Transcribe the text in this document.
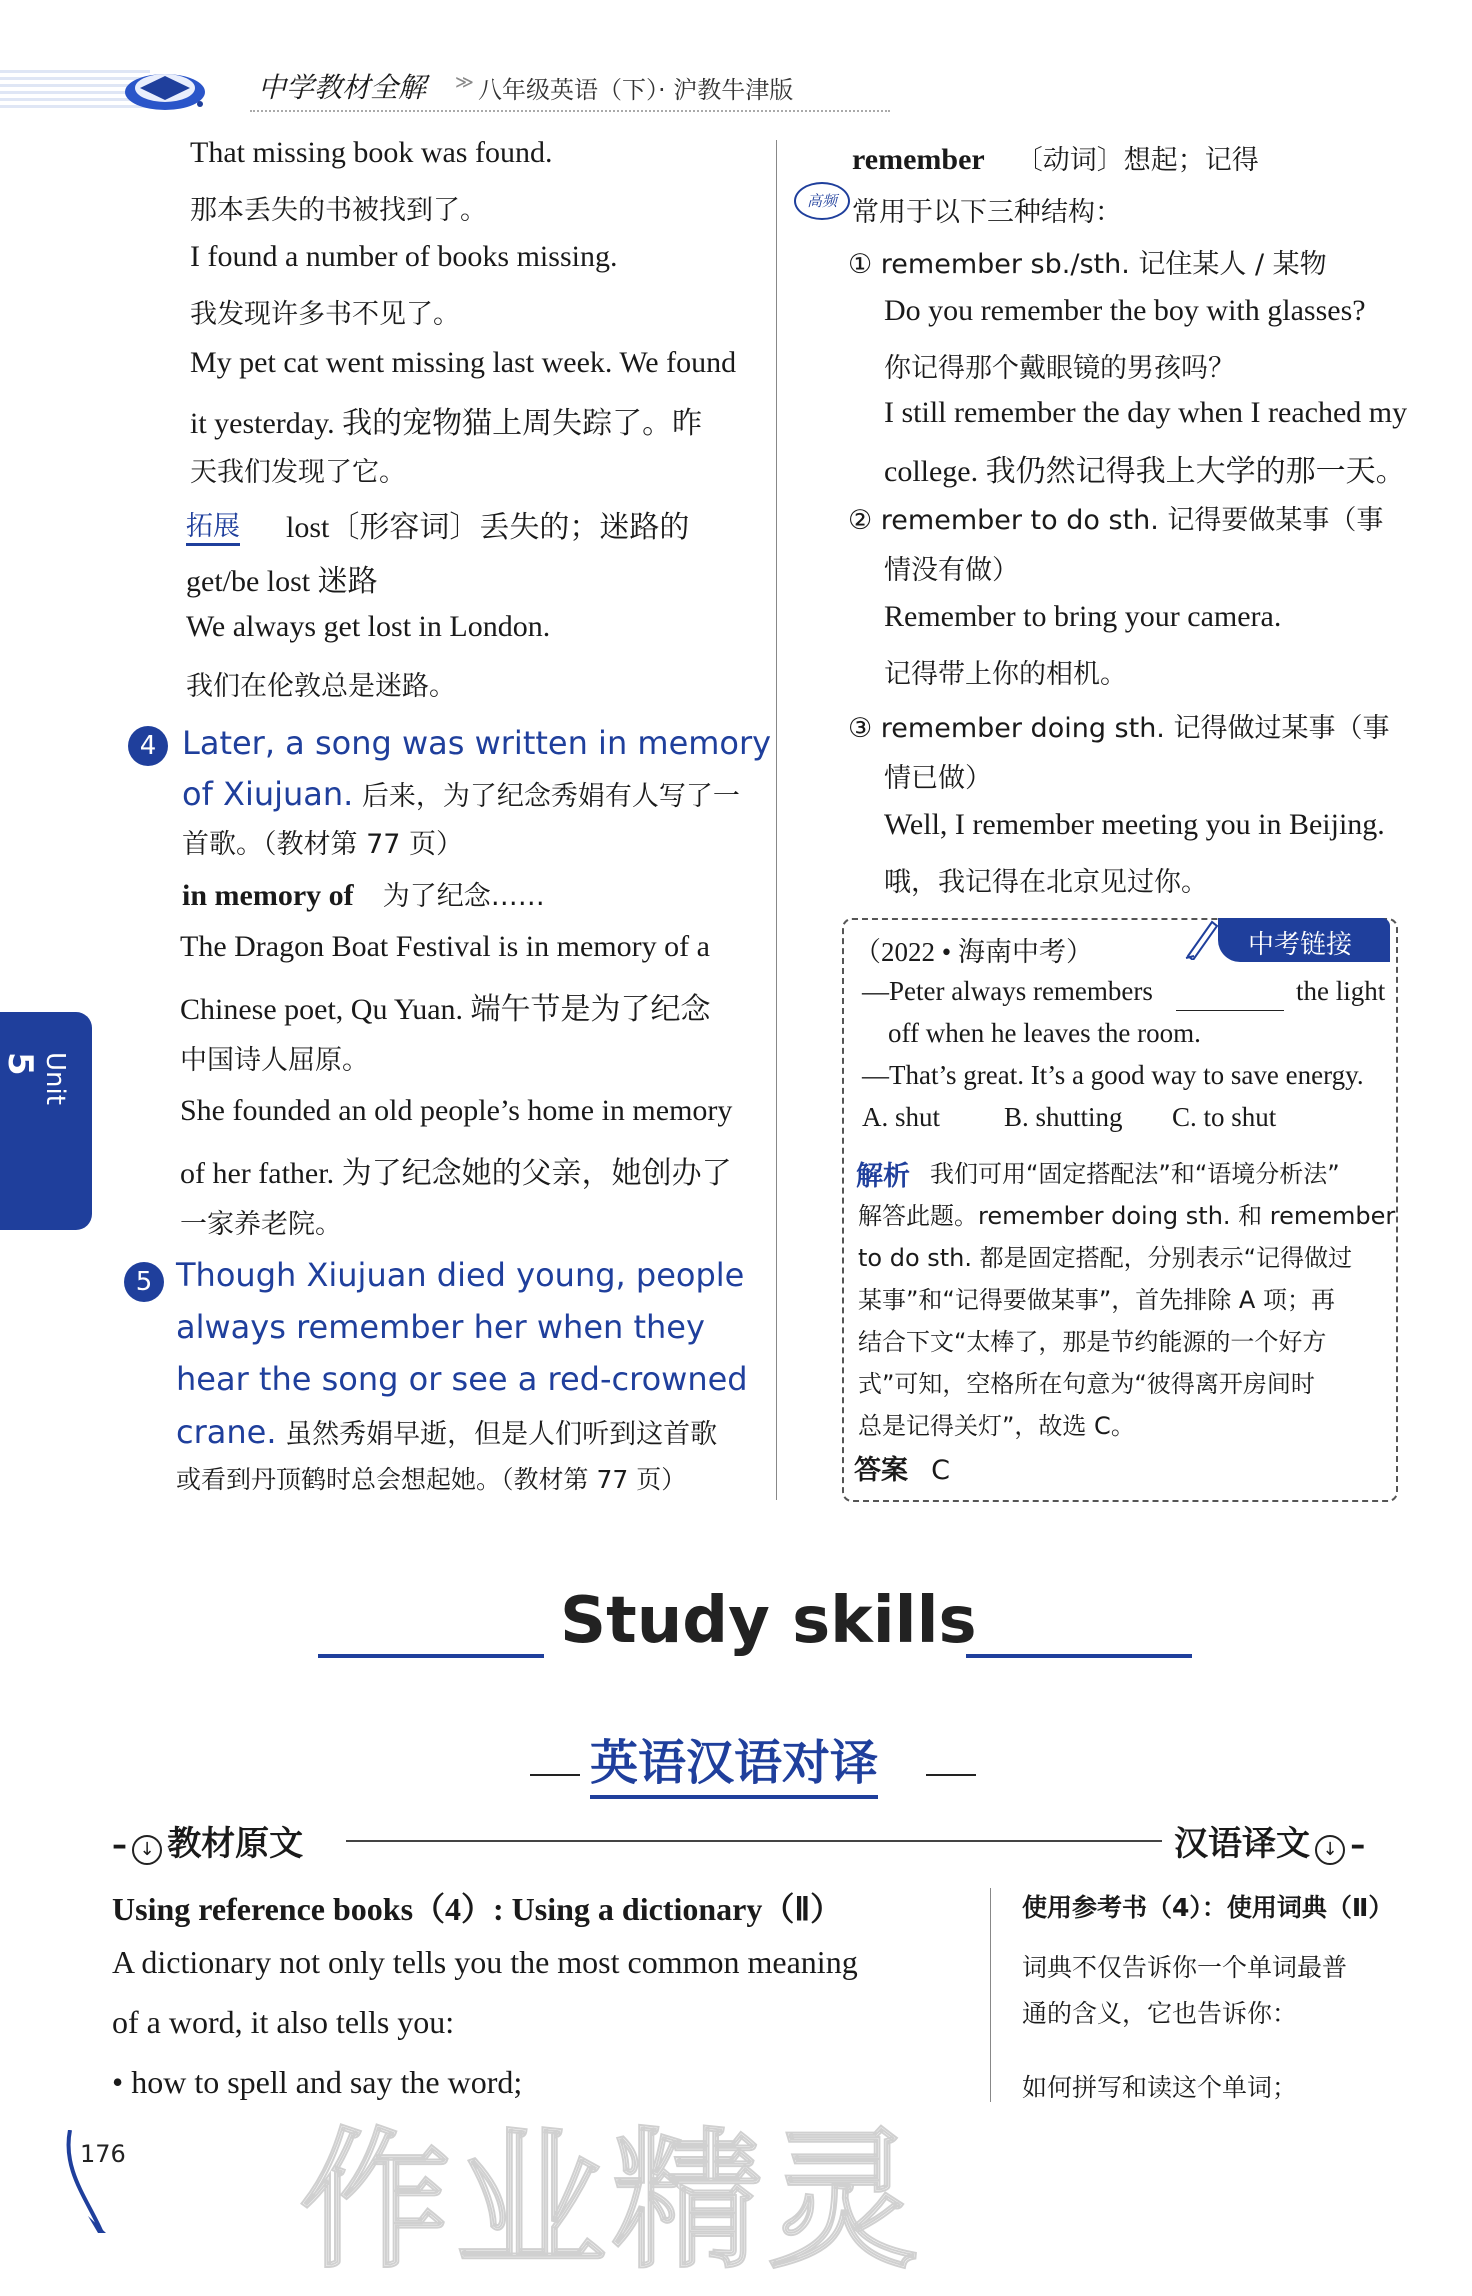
中学教材全解 ≫ 八年级英语（下）· 沪教牛津版
Unit 5
That missing book was found.
那本丢失的书被找到了。
I found a number of books missing.
我发现许多书不见了。
My pet cat went missing last week. We found
it yesterday. 我的宠物猫上周失踪了。昨
天我们发现了它。
拓展 lost〔形容词〕丢失的；迷路的
get/be lost 迷路
We always get lost in London.
我们在伦敦总是迷路。
4 Later, a song was written in memory
of Xiujuan. 后来，为了纪念秀娟有人写了一
首歌。（教材第 77 页）
in memory of 为了纪念……
The Dragon Boat Festival is in memory of a
Chinese poet, Qu Yuan. 端午节是为了纪念
中国诗人屈原。
She founded an old people’s home in memory
of her father. 为了纪念她的父亲，她创办了
一家养老院。
5 Though Xiujuan died young, people
always remember her when they
hear the song or see a red-crowned
crane. 虽然秀娟早逝，但是人们听到这首歌
或看到丹顶鹤时总会想起她。（教材第 77 页）
remember 〔动词〕想起；记得
高频 常用于以下三种结构：
① remember sb./sth. 记住某人 / 某物
Do you remember the boy with glasses?
你记得那个戴眼镜的男孩吗？
I still remember the day when I reached my
college. 我仍然记得我上大学的那一天。
② remember to do sth. 记得要做某事（事
情没有做）
Remember to bring your camera.
记得带上你的相机。
③ remember doing sth. 记得做过某事（事
情已做）
Well, I remember meeting you in Beijing.
哦，我记得在北京见过你。
中考链接
（2022 • 海南中考）
—Peter always remembers	the light
off when he leaves the room.
—That’s great. It’s a good way to save energy.
A. shut B. shutting C. to shut
解析 我们可用“固定搭配法”和“语境分析法”
解答此题。remember doing sth. 和 remember
to do sth. 都是固定搭配，分别表示“记得做过
某事”和“记得要做某事”，首先排除 A 项；再
结合下文“太棒了，那是节约能源的一个好方
式”可知，空格所在句意为“彼得离开房间时
总是记得关灯”，故选 C。
答案 C
Study skills
英语汉语对译
– ↓ 教材原文	汉语译文 ↓ –
Using reference books（4）: Using a dictionary（Ⅱ）
A dictionary not only tells you the most common meaning
of a word, it also tells you:
• how to spell and say the word;
使用参考书（4）：使用词典（Ⅱ）
词典不仅告诉你一个单词最普
通的含义，它也告诉你：
如何拼写和读这个单词；
176 作业精灵
